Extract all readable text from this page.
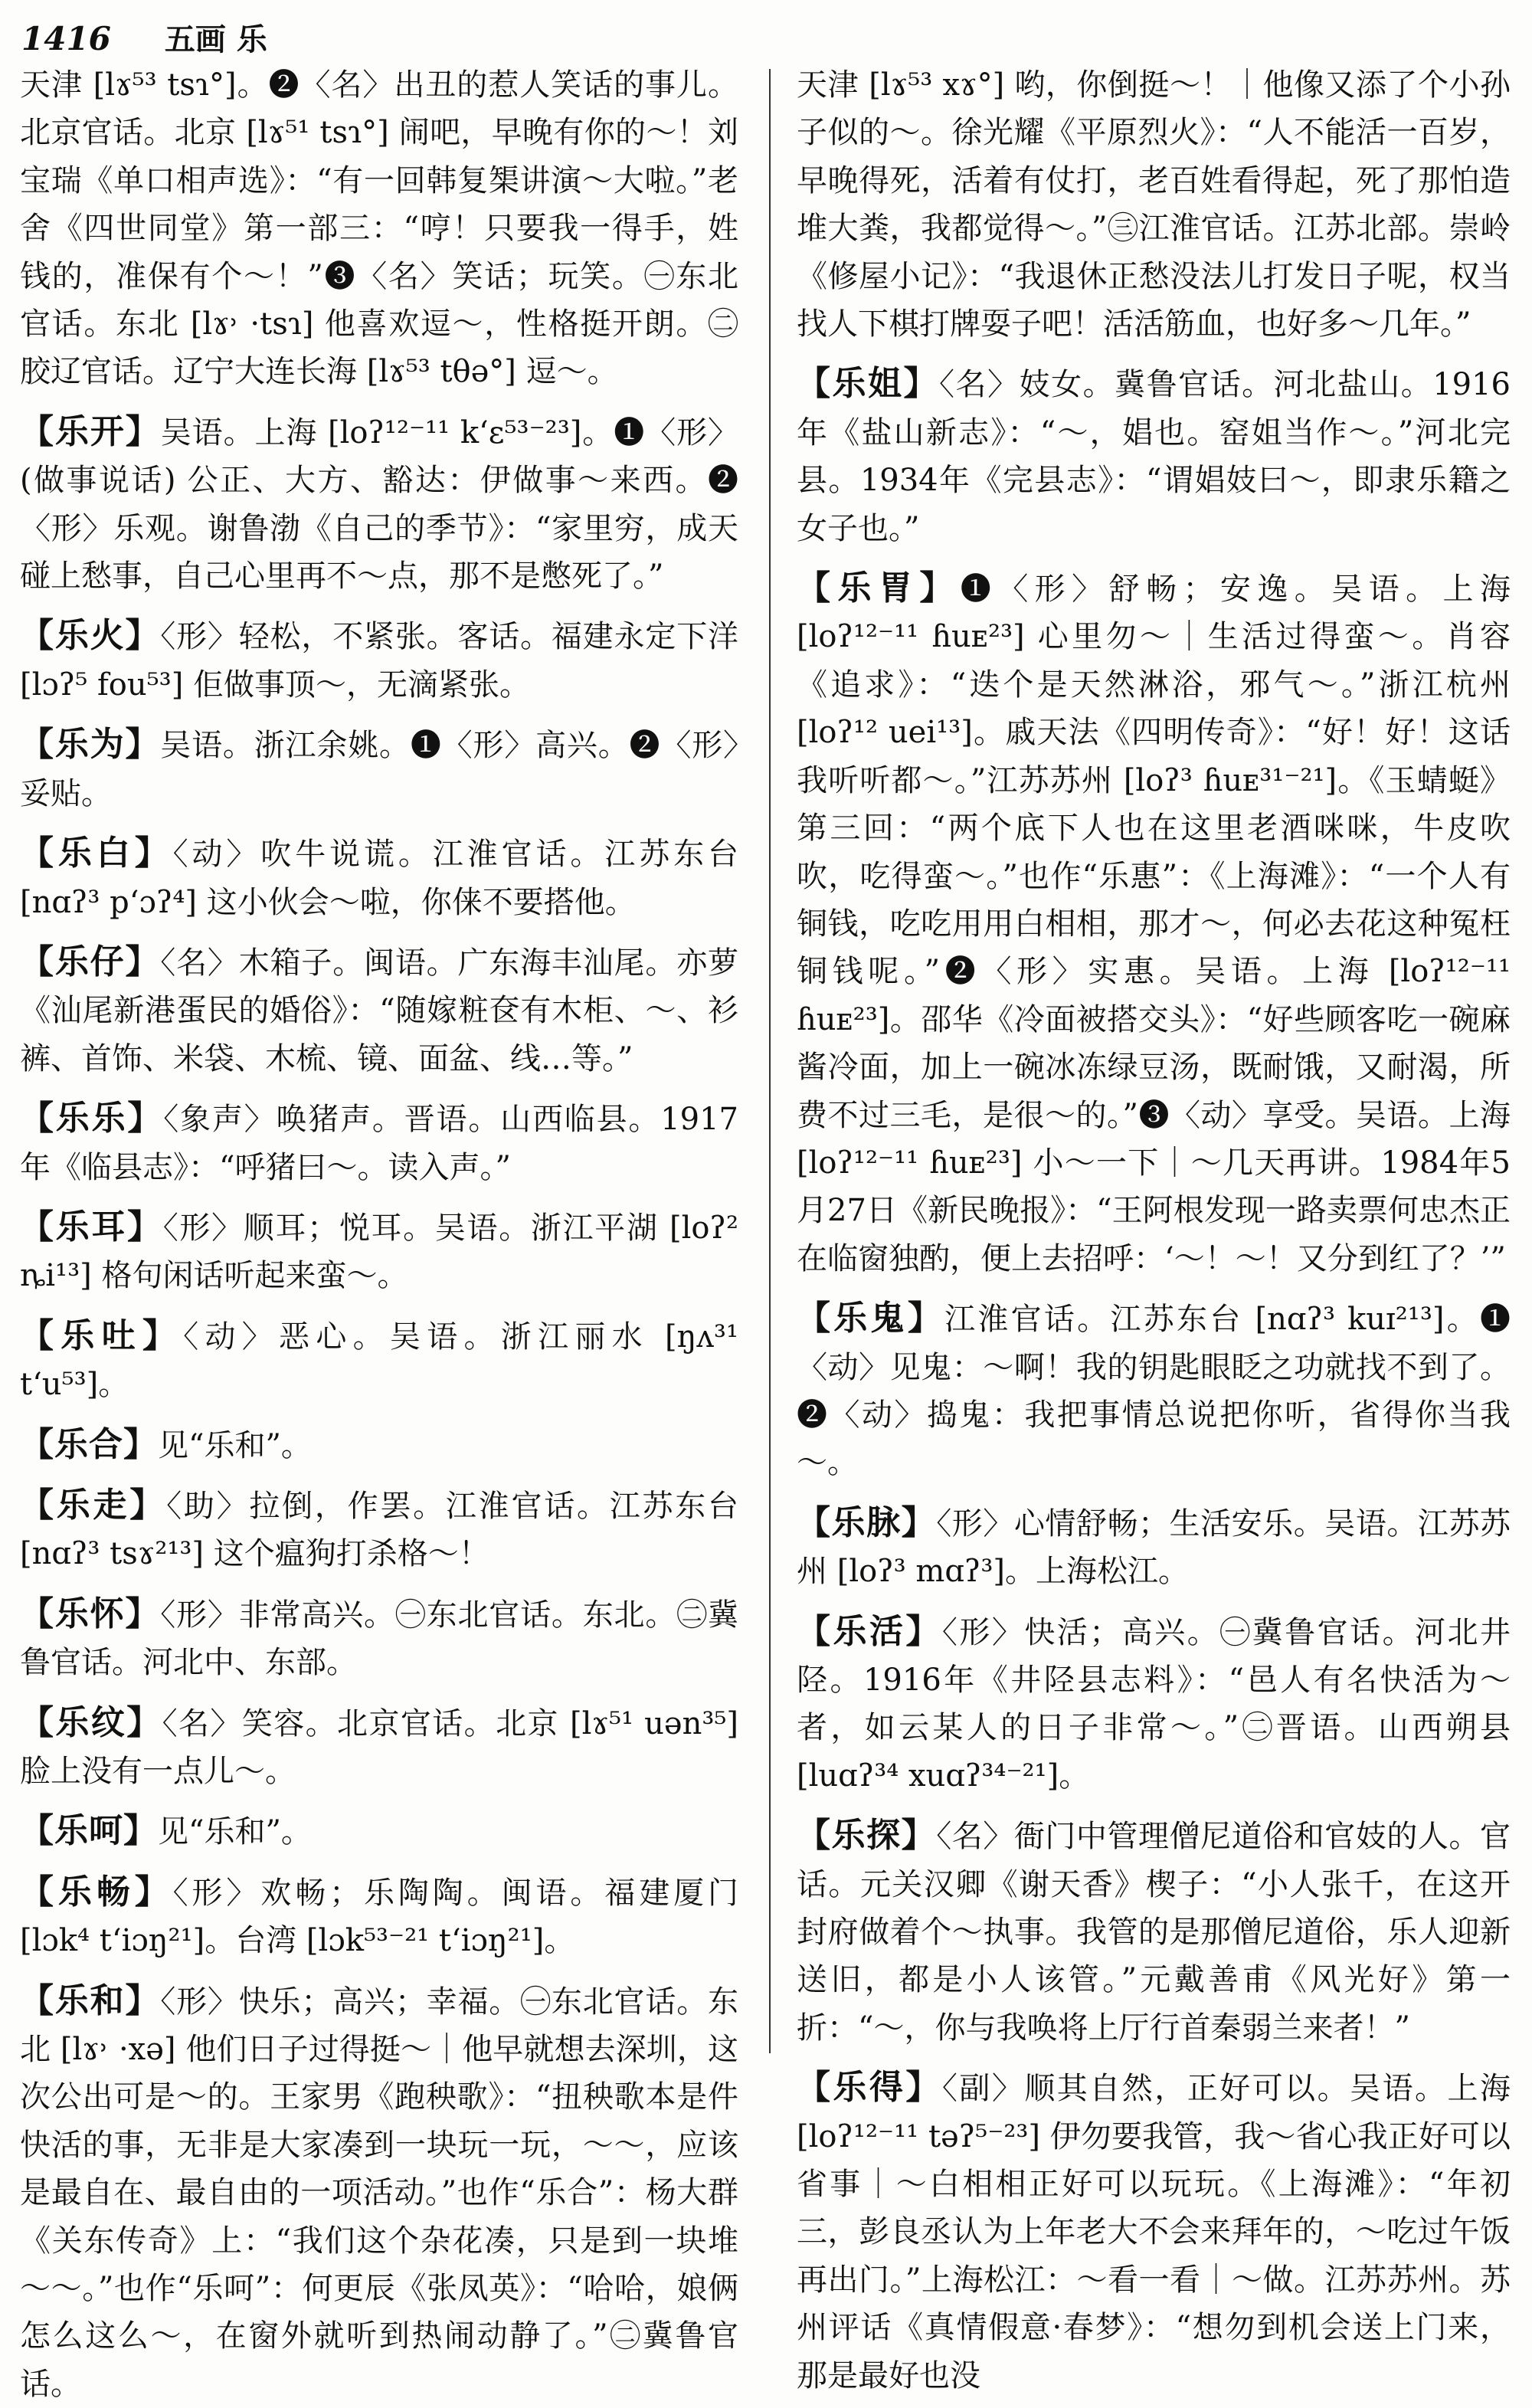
1416 五画 乐

天津 [lɤ⁵³ tsɿ°]。❷〈名〉出丑的惹人笑话的事儿。北京官话。北京 [lɤ⁵¹ tsɿ°] 闹吧，早晚有你的～！刘宝瑞《单口相声选》：“有一回韩复榘讲演～大啦。”老舍《四世同堂》第一部三：“哼！只要我一得手，姓钱的，准保有个～！”❸〈名〉笑话；玩笑。㊀东北官话。东北 [lɤ˒ ·tsɿ] 他喜欢逗～，性格挺开朗。㊁胶辽官话。辽宁大连长海 [lɤ⁵³ tθə°] 逗～。

【乐开】吴语。上海 [loʔ¹²⁻¹¹ k‘ε⁵³⁻²³]。❶〈形〉(做事说话) 公正、大方、豁达：伊做事～来西。❷〈形〉乐观。谢鲁渤《自己的季节》：“家里穷，成天碰上愁事，自己心里再不～点，那不是憋死了。”

【乐火】〈形〉轻松，不紧张。客话。福建永定下洋 [lɔʔ⁵ fou⁵³] 佢做事顶～，无滴紧张。

【乐为】吴语。浙江余姚。❶〈形〉高兴。❷〈形〉妥贴。

【乐白】〈动〉吹牛说谎。江淮官话。江苏东台 [nɑʔ³ p‘ɔʔ⁴] 这小伙会～啦，你俫不要搭他。

【乐仔】〈名〉木箱子。闽语。广东海丰汕尾。亦萝《汕尾新港蛋民的婚俗》：“随嫁粧奁有木柜、～、衫裤、首饰、米袋、木梳、镜、面盆、线…等。”

【乐乐】〈象声〉唤猪声。晋语。山西临县。1917年《临县志》：“呼猪曰～。读入声。”

【乐耳】〈形〉顺耳；悦耳。吴语。浙江平湖 [loʔ² ȵi¹³] 格句闲话听起来蛮～。

【乐吐】〈动〉恶心。吴语。浙江丽水 [ŋʌ³¹ t‘u⁵³]。

【乐合】见“乐和”。

【乐走】〈助〉拉倒，作罢。江淮官话。江苏东台 [nɑʔ³ tsɤ²¹³] 这个瘟狗打杀格～！

【乐怀】〈形〉非常高兴。㊀东北官话。东北。㊁冀鲁官话。河北中、东部。

【乐纹】〈名〉笑容。北京官话。北京 [lɤ⁵¹ uən³⁵] 脸上没有一点儿～。

【乐呵】见“乐和”。

【乐畅】〈形〉欢畅；乐陶陶。闽语。福建厦门 [lɔk⁴ t‘iɔŋ²¹]。台湾 [lɔk⁵³⁻²¹ t‘iɔŋ²¹]。

【乐和】〈形〉快乐；高兴；幸福。㊀东北官话。东北 [lɤ˒ ·xə] 他们日子过得挺～｜他早就想去深圳，这次公出可是～的。王家男《跑秧歌》：“扭秧歌本是件快活的事，无非是大家凑到一块玩一玩，～～，应该是最自在、最自由的一项活动。”也作“乐合”：杨大群《关东传奇》上：“我们这个杂花凑，只是到一块堆～～。”也作“乐呵”：何更辰《张凤英》：“哈哈，娘俩怎么这么～，在窗外就听到热闹动静了。”㊁冀鲁官话。

天津 [lɤ⁵³ xɤ°] 哟，你倒挺～！｜他像又添了个小孙子似的～。徐光耀《平原烈火》：“人不能活一百岁，早晚得死，活着有仗打，老百姓看得起，死了那怕造堆大粪，我都觉得～。”㊂江淮官话。江苏北部。崇岭《修屋小记》：“我退休正愁没法儿打发日子呢，权当找人下棋打牌耍子吧！活活筋血，也好多～几年。”

【乐姐】〈名〉妓女。冀鲁官话。河北盐山。1916年《盐山新志》：“～，娼也。窑姐当作～。”河北完县。1934年《完县志》：“谓娼妓曰～，即隶乐籍之女子也。”

【乐胃】❶〈形〉舒畅；安逸。吴语。上海 [loʔ¹²⁻¹¹ ɦuᴇ²³] 心里勿～｜生活过得蛮～。肖容《追求》：“迭个是天然淋浴，邪气～。”浙江杭州 [loʔ¹² uei¹³]。戚天法《四明传奇》：“好！好！这话我听听都～。”江苏苏州 [loʔ³ ɦuᴇ³¹⁻²¹]。《玉蜻蜓》第三回：“两个底下人也在这里老酒咪咪，牛皮吹吹，吃得蛮～。”也作“乐惠”：《上海滩》：“一个人有铜钱，吃吃用用白相相，那才～，何必去花这种冤枉铜钱呢。”❷〈形〉实惠。吴语。上海 [loʔ¹²⁻¹¹ ɦuᴇ²³]。邵华《冷面被搭交头》：“好些顾客吃一碗麻酱冷面，加上一碗冰冻绿豆汤，既耐饿，又耐渴，所费不过三毛，是很～的。”❸〈动〉享受。吴语。上海 [loʔ¹²⁻¹¹ ɦuᴇ²³] 小～一下｜～几天再讲。1984年5月27日《新民晚报》：“王阿根发现一路卖票何忠杰正在临窗独酌，便上去招呼：‘～！～！又分到红了？’”

【乐鬼】江淮官话。江苏东台 [nɑʔ³ kuɪ²¹³]。❶〈动〉见鬼：～啊！我的钥匙眼眨之功就找不到了。❷〈动〉捣鬼：我把事情总说把你听，省得你当我～。

【乐脉】〈形〉心情舒畅；生活安乐。吴语。江苏苏州 [loʔ³ mɑʔ³]。上海松江。

【乐活】〈形〉快活；高兴。㊀冀鲁官话。河北井陉。1916年《井陉县志料》：“邑人有名快活为～者，如云某人的日子非常～。”㊁晋语。山西朔县 [luɑʔ³⁴ xuɑʔ³⁴⁻²¹]。

【乐探】〈名〉衙门中管理僧尼道俗和官妓的人。官话。元关汉卿《谢天香》楔子：“小人张千，在这开封府做着个～执事。我管的是那僧尼道俗，乐人迎新送旧，都是小人该管。”元戴善甫《风光好》第一折：“～，你与我唤将上厅行首秦弱兰来者！”

【乐得】〈副〉顺其自然，正好可以。吴语。上海 [loʔ¹²⁻¹¹ təʔ⁵⁻²³] 伊勿要我管，我～省心我正好可以省事｜～白相相正好可以玩玩。《上海滩》：“年初三，彭良丞认为上年老大不会来拜年的，～吃过午饭再出门。”上海松江：～看一看｜～做。江苏苏州。苏州评话《真情假意·春梦》：“想勿到机会送上门来，那是最好也没
